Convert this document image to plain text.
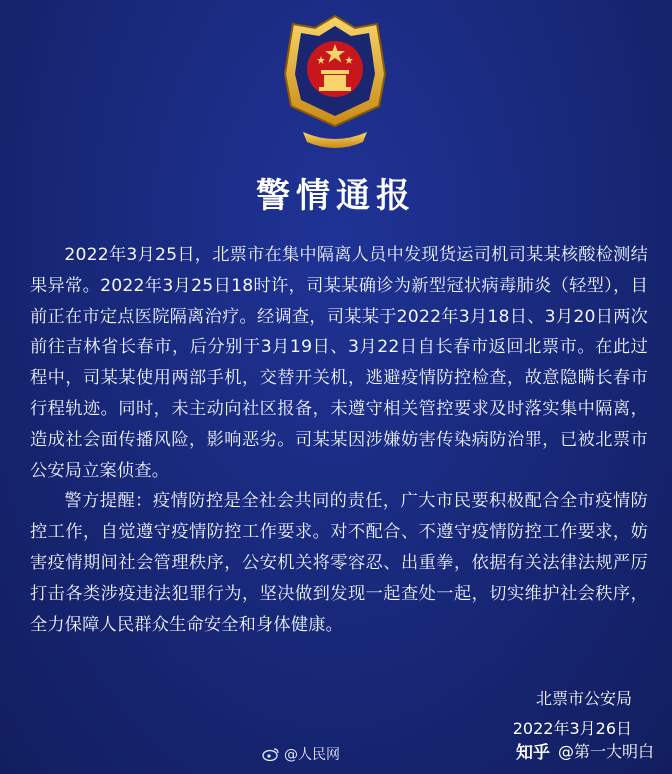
警情通报

2022年3月25日，北票市在集中隔离人员中发现货运司机司某某核酸检测结果异常。2022年3月25日18时许，司某某确诊为新型冠状病毒肺炎（轻型），目前正在市定点医院隔离治疗。经调查，司某某于2022年3月18日、3月20日两次前往吉林省长春市，后分别于3月19日、3月22日自长春市返回北票市。在此过程中，司某某使用两部手机，交替开关机，逃避疫情防控检查，故意隐瞒长春市行程轨迹。同时，未主动向社区报备，未遵守相关管控要求及时落实集中隔离，造成社会面传播风险，影响恶劣。司某某因涉嫌妨害传染病防治罪，已被北票市公安局立案侦查。

警方提醒：疫情防控是全社会共同的责任，广大市民要积极配合全市疫情防控工作，自觉遵守疫情防控工作要求。对不配合、不遵守疫情防控工作要求，妨害疫情期间社会管理秩序，公安机关将零容忍、出重拳，依据有关法律法规严厉打击各类涉疫违法犯罪行为，坚决做到发现一起查处一起，切实维护社会秩序，全力保障人民群众生命安全和身体健康。

北票市公安局
2022年3月26日
@人民网	知乎 @第一大明白
